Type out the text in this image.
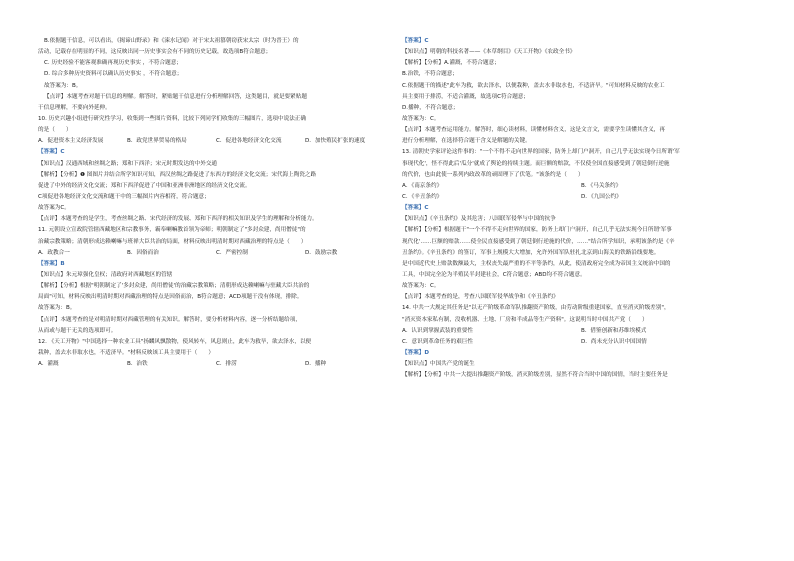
B.依据题干信息，可以看出，《揭谛山野录》和《涑水记闻》对于宋太祖篡朝窃获宋太宗（时为晋王）的
活动，记载存在明显的不同，这反映出同一历史事实会有不同的历史记载，故选项B符合题意；
C. 历史经验不能客观准确再现历史事实 ，不符合题意；
D. 综合多种历史资料可以确认历史事实 ，不符合题意；
故答案为：B。
【点评】本题考查对题干信息的理解。解答时，紧贴题干信息进行分析理解回答，这类题目，就是要紧贴题
干信息理解，不要向外延伸。
10. 历史兴趣小组进行研究性学习，收集到一些图片资料，比较下列同学们收集的三幅图片，选项中说法正确
的是（　　）
A．促进资本主义经济发展	B．政党世界贸易的格局	C．促进各地经济文化交流	D．加快殖民扩张的速度
【答案】C
【知识点】汉通西域和丝绸之路；郑和下西洋；宋元时期发达的中外交通
【解析】【分析】❶ 图图片并结合所学知识可知，西汉丝绸之路促进了东西方的经济文化交流；宋代海上陶瓷之路
促进了中外的经济文化交流；郑和下西洋促进了中国和亚洲非洲地区的经济文化交流。
C项促进各地经济文化交流和题干中的三幅图片内容相符，符合题意；
故答案为C。
【点评】本题考查的是学生，考查丝绸之路、宋代经济的发展、郑和下西洋的相关知识及学生的理解和分析能力。
11. 元朝设立宣政院管辖西藏地区和宗教事务，霸奉喇嘛教首领为帝师；明朝制定了"多封众建，尚用僧徒"的
治藏宗教策略；清朝形成达赖喇嘛与班禅大臣共治的局面，材料反映出明清时期对西藏治理的特点是（　　）
A．政教合一	B．因俗而治	C．严密控制	D．鼓励宗教
【答案】B
【知识点】朱元璋强化皇权；清政府对西藏地区的管辖
【解析】【分析】根据"明朝制定了'多封众建，尚用僧徒'的治藏宗教策略；清朝形成达赖喇嘛与驻藏大臣共治的
局面"可知，材料反映出明清时期对西藏治理的特点是因俗而治，B符合题意；ACD项题干没有体现，排除。
故答案为：B。
【点评】本题考查的是对明清时期对西藏管理的有关知识。解答时，要分析材料内容，逐一分析结题给项，
从而或与题干无关的选项即可。
12. 《天工开物》"中国选择一种农业工具"扬麟风飘散物，使风转车，风息则止，此车为救旱，欲去泽水，以便
栽种，盖去水非取水也，不适济旱。"材料反映该工具主要用于（　　）
A．灌溉	B．治铁	C．排涝	D．播种
【答案】C
【知识点】明朝的科技名著——《本草纲目》《天工开物》《农政全书》
【解析】【分析】A.灌溉，不符合题意；
B.治铁，不符合题意；
C.依据题干的描述"此车为救，欲去泽水，以便栽种，盖去水非取水也，不适济旱。"可知材料反映的农业工
具主要用于排涝，不适合灌溉，故选项C符合题意；
D.播种，不符合题意；
故答案为：C。
【点评】本题考查运用能力。解答时，细心读材料，读懂材料含义，这是文言文，需要学生读懂其含义，再
进行分析理解，在选择符合题干含义是解题的关键。
13. 清朝史学家评论这件事的："一个不得不走向世界的国家，防务上却门户洞开，自己几乎无法实现今日所谓'军
事现代化'，怪不得此后'瓜分'就成了舆论的持续主题。而巨额的赔款，不仅使全国直接感受到了朝廷倒行逆施
的代价，也由此使一系列内政改革的顽固理下了伏笔。"该条约是（　　）
A．《南京条约》	B．《马关条约》
C．《辛丑条约》	D．《九国公约》
【答案】C
【知识点】《辛丑条约》及其危害；八国联军侵华与中国的抗争
【解析】【分析】根据题干"一个不得不走向世界的国家，防务上却门户洞开，自己几乎无法实现今日所谓'军事
现代化'……巨额的赔款……使全民直接感受到了朝廷倒行逆施的代价，……"结合所学知识，承明该条约是《辛
丑条约》。《辛丑条约》的签订，军事上规模大大增加，允许外国军队驻扎北京到山海关的铁路沿线要地。
是中国近代史上赔款数额最大，主权丧失最严重的不平等条约，从此，使清政府完全成为帝国主义统治中国的
工具，中国完全沦为半殖民半封建社会，C符合题意；ABD均不符合题意。
故答案为：C。
【点评】本题考查的是，考查八国联军侵华战争和《辛丑条约》
14. 中共一大规定其任务是"以无产阶级革命军队推翻资产阶级，由劳动阶级重建国家，直至消灭阶级差别"，
"消灭资本家私有制，没收机器、土地、厂房和半成品等生产资料"。这说明当时中国共产党（　　）
A．认识到掌握武装的重要性	B．借鉴创新和苏维埃模式
C．意识到革命任务的艰巨性	D．尚未充分认识中国国情
【答案】D
【知识点】中国共产党的诞生
【解析】【分析】中共一大提出推翻资产阶级，消灭阶级差别，显然不符合当时中国的国情，当时主要任务是
